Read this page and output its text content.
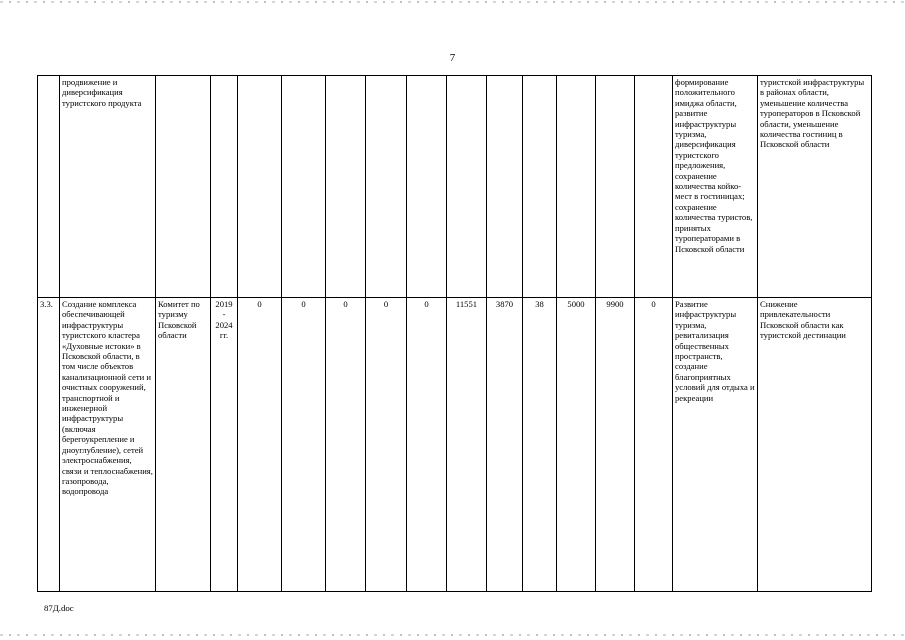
7
	продвижение и диверсификация туристского продукта														формирование положительного имиджа области, развитие инфраструктуры туризма, диверсификация туристского предложения, сохранение количества койко-мест в гостиницах; сохранение количества туристов, принятых туроператорами в Псковской области	туристской инфраструктуры в районах области, уменьшение количества туроператоров в Псковской области, уменьшение количества гостиниц в Псковской области
3.3.	Создание комплекса обеспечивающей инфраструктуры туристского кластера «Духовные истоки» в Псковской области, в том числе объектов канализационной сети и очистных сооружений, транспортной и инженерной инфраструктуры (включая берегоукрепление и дноуглубление), сетей электроснабжения, связи и теплоснабжения, газопровода, водопровода	Комитет по туризму Псковской области	2019 - 2024 гг.	0	0	0	0	0	11551	3870	38	5000	9900	0	Развитие инфраструктуры туризма, ревитализация общественных пространств, создание благоприятных условий для отдыха и рекреации	Снижение привлекательности Псковской области как туристской дестинации
87Д.doc
